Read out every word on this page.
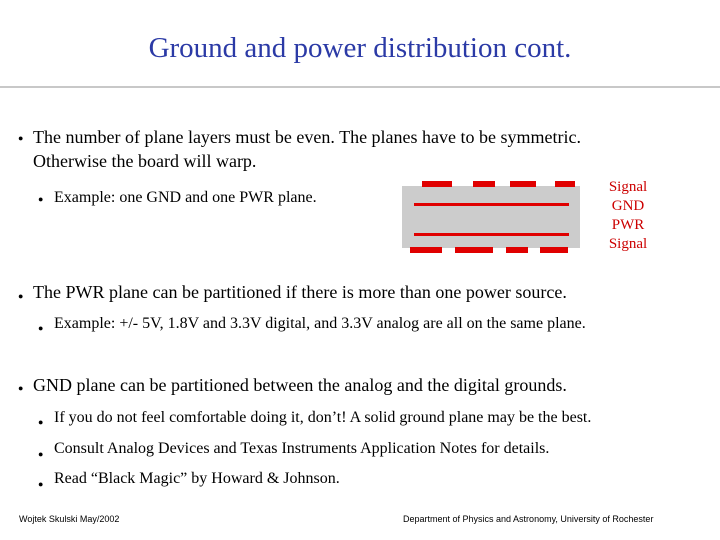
Ground and power distribution cont.
● The number of plane layers must be even. The planes have to be symmetric.
Otherwise the board will warp.
● Example: one GND and one PWR plane.
Signal
GND
PWR
Signal
● The PWR plane can be partitioned if there is more than one power source.
● Example: +/- 5V, 1.8V and 3.3V digital, and 3.3V analog are all on the same plane.
● GND plane can be partitioned between the analog and the digital grounds.
● If you do not feel comfortable doing it, don’t! A solid ground plane may be the best.
● Consult Analog Devices and Texas Instruments Application Notes for details.
● Read “Black Magic” by Howard & Johnson.
Wojtek Skulski May/2002	Department of Physics and Astronomy, University of Rochester
